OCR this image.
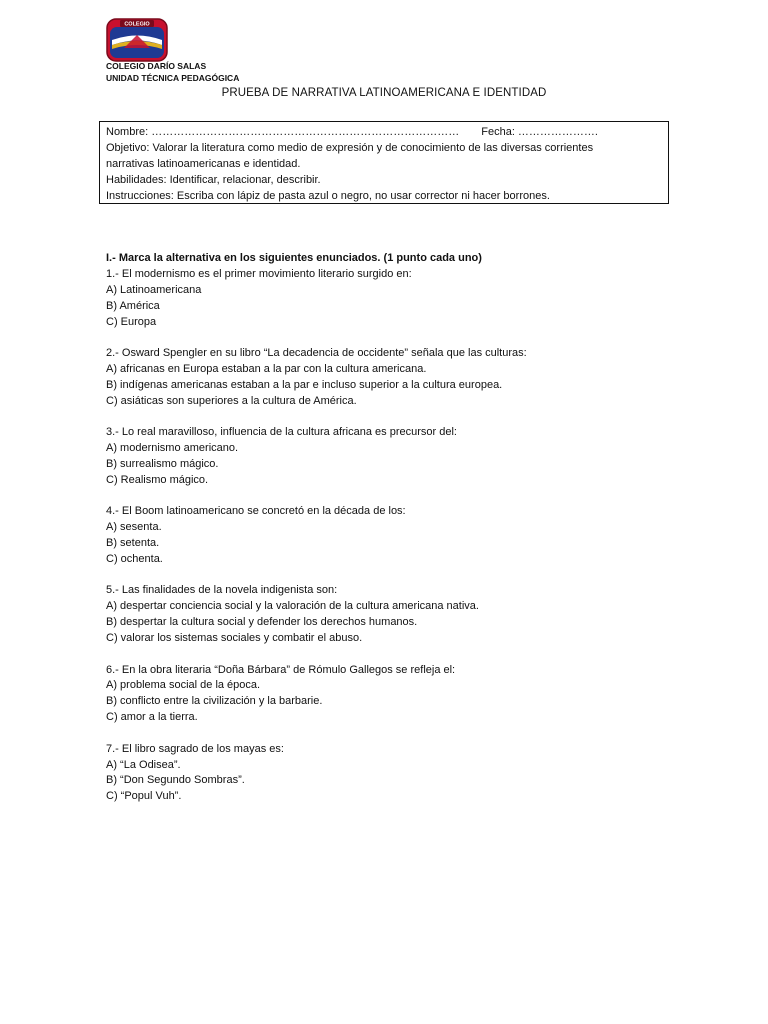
COLEGIO
COLEGIO DARÍO SALAS
UNIDAD TÉCNICA PEDAGÓGICA
PRUEBA DE NARRATIVA LATINOAMERICANA E IDENTIDAD
Nombre: ………………………………………………………………………… Fecha: ………………….
Objetivo: Valorar la literatura como medio de expresión y de conocimiento de las diversas corrientes
narrativas latinoamericanas e identidad.
Habilidades: Identificar, relacionar, describir.
Instrucciones: Escriba con lápiz de pasta azul o negro, no usar corrector ni hacer borrones.
I.- Marca la alternativa en los siguientes enunciados. (1 punto cada uno)
1.- El modernismo es el primer movimiento literario surgido en:
A) Latinoamericana
B) América
C) Europa
2.- Osward Spengler en su libro “La decadencia de occidente” señala que las culturas:
A) africanas en Europa estaban a la par con la cultura americana.
B) indígenas americanas estaban a la par e incluso superior a la cultura europea.
C) asiáticas son superiores a la cultura de América.
3.- Lo real maravilloso, influencia de la cultura africana es precursor del:
A) modernismo americano.
B) surrealismo mágico.
C) Realismo mágico.
4.- El Boom latinoamericano se concretó en la década de los:
A) sesenta.
B) setenta.
C) ochenta.
5.- Las finalidades de la novela indigenista son:
A) despertar conciencia social y la valoración de la cultura americana nativa.
B) despertar la cultura social y defender los derechos humanos.
C) valorar los sistemas sociales y combatir el abuso.
6.- En la obra literaria “Doña Bárbara” de Rómulo Gallegos se refleja el:
A) problema social de la época.
B) conflicto entre la civilización y la barbarie.
C) amor a la tierra.
7.- El libro sagrado de los mayas es:
A) “La Odisea”.
B) “Don Segundo Sombras”.
C) “Popul Vuh”.
